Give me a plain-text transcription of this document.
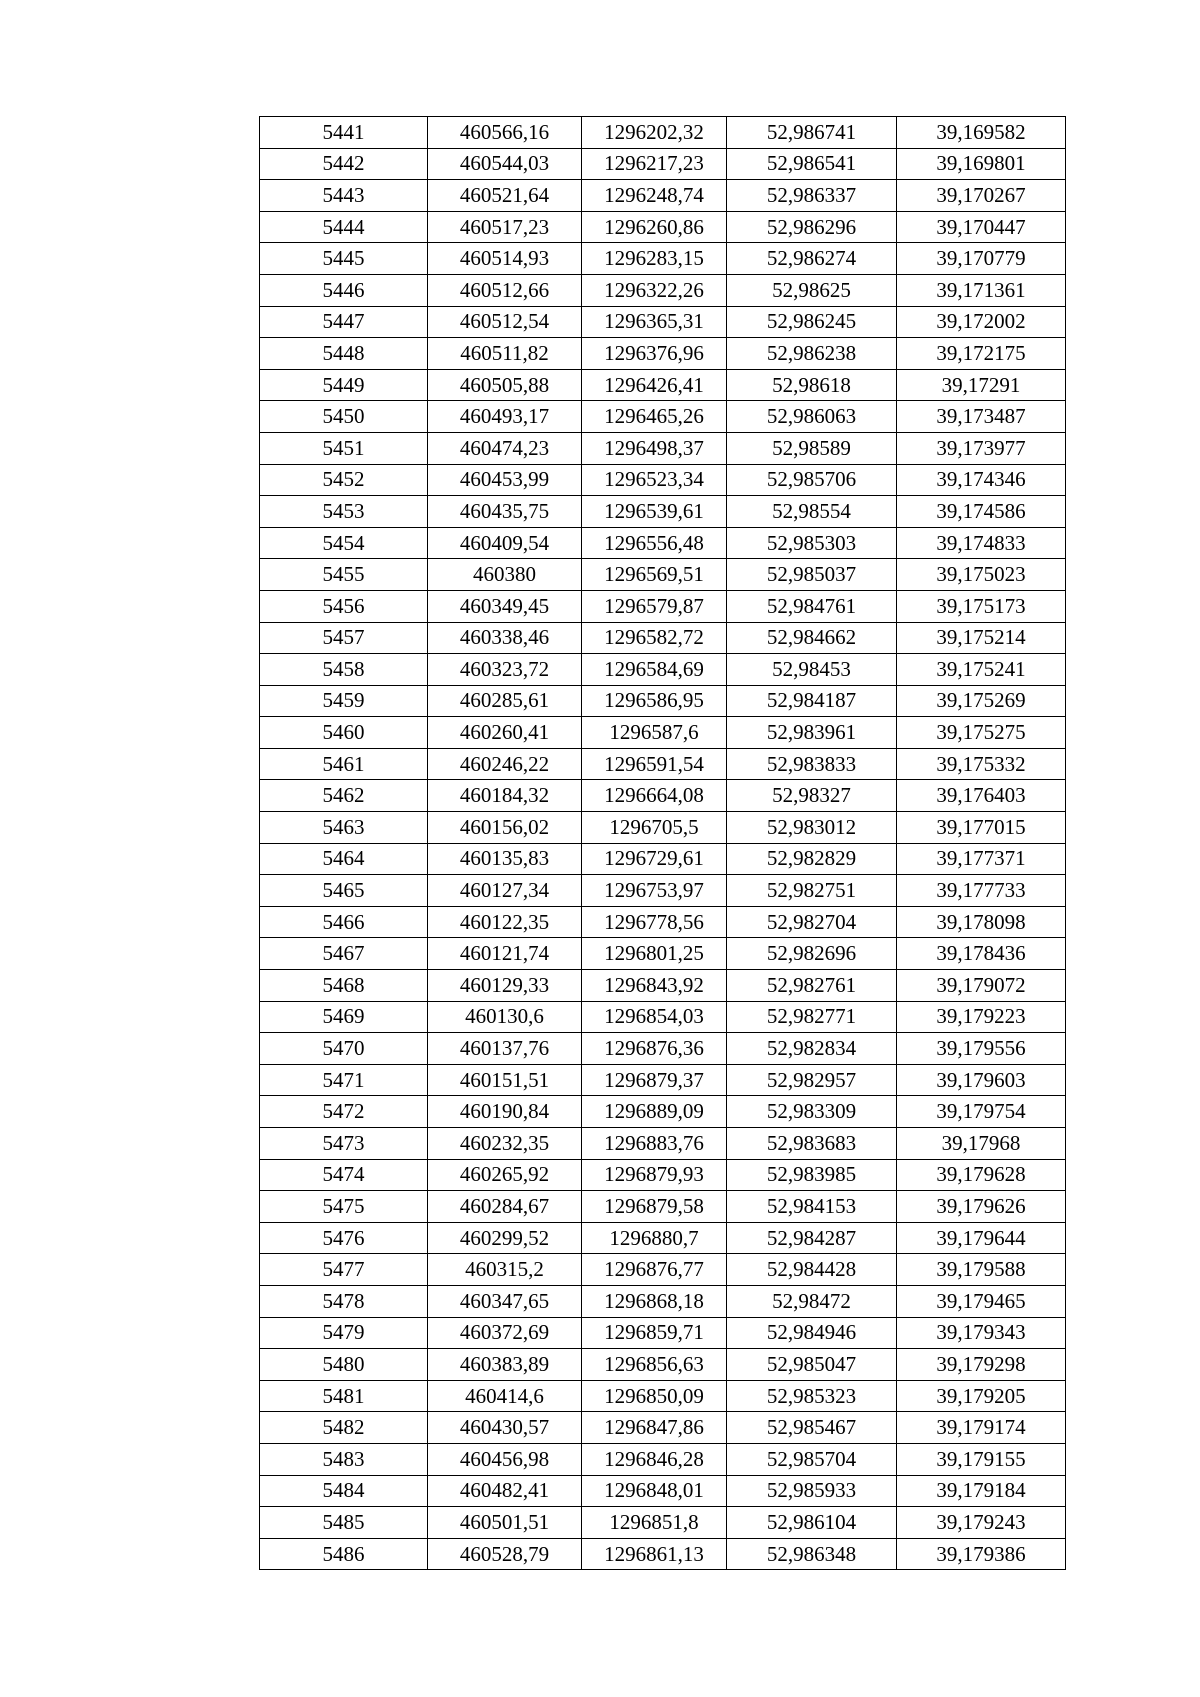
5441	460566,16	1296202,32	52,986741	39,169582
5442	460544,03	1296217,23	52,986541	39,169801
5443	460521,64	1296248,74	52,986337	39,170267
5444	460517,23	1296260,86	52,986296	39,170447
5445	460514,93	1296283,15	52,986274	39,170779
5446	460512,66	1296322,26	52,98625	39,171361
5447	460512,54	1296365,31	52,986245	39,172002
5448	460511,82	1296376,96	52,986238	39,172175
5449	460505,88	1296426,41	52,98618	39,17291
5450	460493,17	1296465,26	52,986063	39,173487
5451	460474,23	1296498,37	52,98589	39,173977
5452	460453,99	1296523,34	52,985706	39,174346
5453	460435,75	1296539,61	52,98554	39,174586
5454	460409,54	1296556,48	52,985303	39,174833
5455	460380	1296569,51	52,985037	39,175023
5456	460349,45	1296579,87	52,984761	39,175173
5457	460338,46	1296582,72	52,984662	39,175214
5458	460323,72	1296584,69	52,98453	39,175241
5459	460285,61	1296586,95	52,984187	39,175269
5460	460260,41	1296587,6	52,983961	39,175275
5461	460246,22	1296591,54	52,983833	39,175332
5462	460184,32	1296664,08	52,98327	39,176403
5463	460156,02	1296705,5	52,983012	39,177015
5464	460135,83	1296729,61	52,982829	39,177371
5465	460127,34	1296753,97	52,982751	39,177733
5466	460122,35	1296778,56	52,982704	39,178098
5467	460121,74	1296801,25	52,982696	39,178436
5468	460129,33	1296843,92	52,982761	39,179072
5469	460130,6	1296854,03	52,982771	39,179223
5470	460137,76	1296876,36	52,982834	39,179556
5471	460151,51	1296879,37	52,982957	39,179603
5472	460190,84	1296889,09	52,983309	39,179754
5473	460232,35	1296883,76	52,983683	39,17968
5474	460265,92	1296879,93	52,983985	39,179628
5475	460284,67	1296879,58	52,984153	39,179626
5476	460299,52	1296880,7	52,984287	39,179644
5477	460315,2	1296876,77	52,984428	39,179588
5478	460347,65	1296868,18	52,98472	39,179465
5479	460372,69	1296859,71	52,984946	39,179343
5480	460383,89	1296856,63	52,985047	39,179298
5481	460414,6	1296850,09	52,985323	39,179205
5482	460430,57	1296847,86	52,985467	39,179174
5483	460456,98	1296846,28	52,985704	39,179155
5484	460482,41	1296848,01	52,985933	39,179184
5485	460501,51	1296851,8	52,986104	39,179243
5486	460528,79	1296861,13	52,986348	39,179386
